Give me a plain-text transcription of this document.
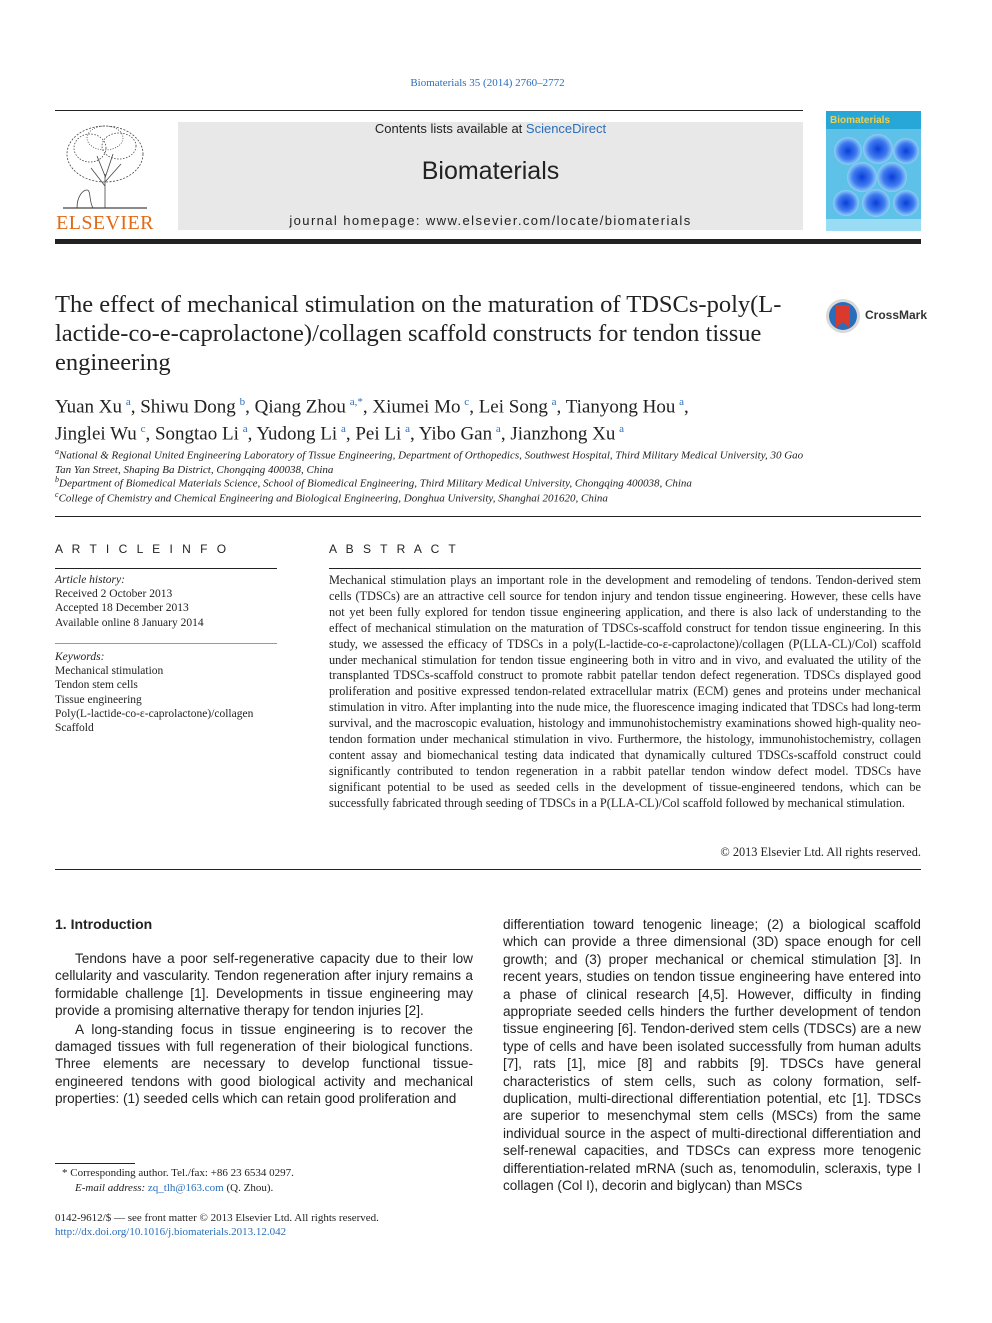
Biomaterials 35 (2014) 2760–2772
ELSEVIER
Contents lists available at ScienceDirect
Biomaterials
journal homepage: www.elsevier.com/locate/biomaterials
Biomaterials
The effect of mechanical stimulation on the maturation of TDSCs-poly(L-lactide-co-e-caprolactone)/collagen scaffold constructs for tendon tissue engineering
CrossMark
Yuan Xu  $^a$, Shiwu Dong  $^b$, Qiang Zhou  $^{a,*}$, Xiumei Mo  $^c$, Lei Song  $^a$, Tianyong Hou  $^a$,
Jinglei Wu  $^c$, Songtao Li  $^a$, Yudong Li  $^a$, Pei Li  $^a$, Yibo Gan  $^a$, Jianzhong Xu  $^a$
$^a$National & Regional United Engineering Laboratory of Tissue Engineering, Department of Orthopedics, Southwest Hospital, Third Military Medical University, 30 Gao Tan Yan Street, Shaping Ba District, Chongqing 400038, China
$^b$Department of Biomedical Materials Science, School of Biomedical Engineering, Third Military Medical University, Chongqing 400038, China
$^c$College of Chemistry and Chemical Engineering and Biological Engineering, Donghua University, Shanghai 201620, China
A R T I C L E I N F O
Article history:
Received 2 October 2013
Accepted 18 December 2013
Available online 8 January 2014
Keywords:
Mechanical stimulation
Tendon stem cells
Tissue engineering
Poly(L-lactide-co-ε-caprolactone)/collagen
Scaffold
A B S T R A C T
Mechanical stimulation plays an important role in the development and remodeling of tendons. Tendon-derived stem cells (TDSCs) are an attractive cell source for tendon injury and tendon tissue engineering. However, these cells have not yet been fully explored for tendon tissue engineering application, and there is also lack of understanding to the effect of mechanical stimulation on the maturation of TDSCs-scaffold construct for tendon tissue engineering. In this study, we assessed the efficacy of TDSCs in a poly(L-lactide-co-ε-caprolactone)/collagen (P(LLA-CL)/Col) scaffold under mechanical stimulation for tendon tissue engineering both in vitro and in vivo, and evaluated the utility of the transplanted TDSCs-scaffold construct to promote rabbit patellar tendon defect regeneration. TDSCs displayed good proliferation and positive expressed tendon-related extracellular matrix (ECM) genes and proteins under mechanical stimulation in vitro. After implanting into the nude mice, the fluorescence imaging indicated that TDSCs had long-term survival, and the macroscopic evaluation, histology and immunohistochemistry examinations showed high-quality neo-tendon formation under mechanical stimulation in vivo. Furthermore, the histology, immunohistochemistry, collagen content assay and biomechanical testing data indicated that dynamically cultured TDSCs-scaffold construct could significantly contributed to tendon regeneration in a rabbit patellar tendon window defect model. TDSCs have significant potential to be used as seeded cells in the development of tissue-engineered tendons, which can be successfully fabricated through seeding of TDSCs in a P(LLA-CL)/Col scaffold followed by mechanical stimulation.
© 2013 Elsevier Ltd. All rights reserved.
1. Introduction

Tendons have a poor self-regenerative capacity due to their low cellularity and vascularity. Tendon regeneration after injury remains a formidable challenge [1]. Developments in tissue engineering may provide a promising alternative therapy for tendon injuries [2].

A long-standing focus in tissue engineering is to recover the damaged tissues with full regeneration of their biological functions. Three elements are necessary to develop functional tissue-engineered tendons with good biological activity and mechanical properties: (1) seeded cells which can retain good proliferation and

differentiation toward tenogenic lineage; (2) a biological scaffold which can provide a three dimensional (3D) space enough for cell growth; and (3) proper mechanical or chemical stimulation [3]. In recent years, studies on tendon tissue engineering have entered into a phase of clinical research [4,5]. However, difficulty in finding appropriate seeded cells hinders the further development of tendon tissue engineering [6]. Tendon-derived stem cells (TDSCs) are a new type of cells and have been isolated successfully from human adults [7], rats [1], mice [8] and rabbits [9]. TDSCs have general characteristics of stem cells, such as colony formation, self-duplication, multi-directional differentiation potential, etc [1]. TDSCs are superior to mesenchymal stem cells (MSCs) from the same individual source in the aspect of multi-directional differentiation and self-renewal capacities, and TDSCs can express more tenogenic differentiation-related mRNA (such as, tenomodulin, scleraxis, type I collagen (Col I), decorin and biglycan) than MSCs

* Corresponding author. Tel./fax: +86 23 6534 0297.
E-mail address: zq_tlh@163.com (Q. Zhou).
0142-9612/$ — see front matter © 2013 Elsevier Ltd. All rights reserved.
http://dx.doi.org/10.1016/j.biomaterials.2013.12.042
